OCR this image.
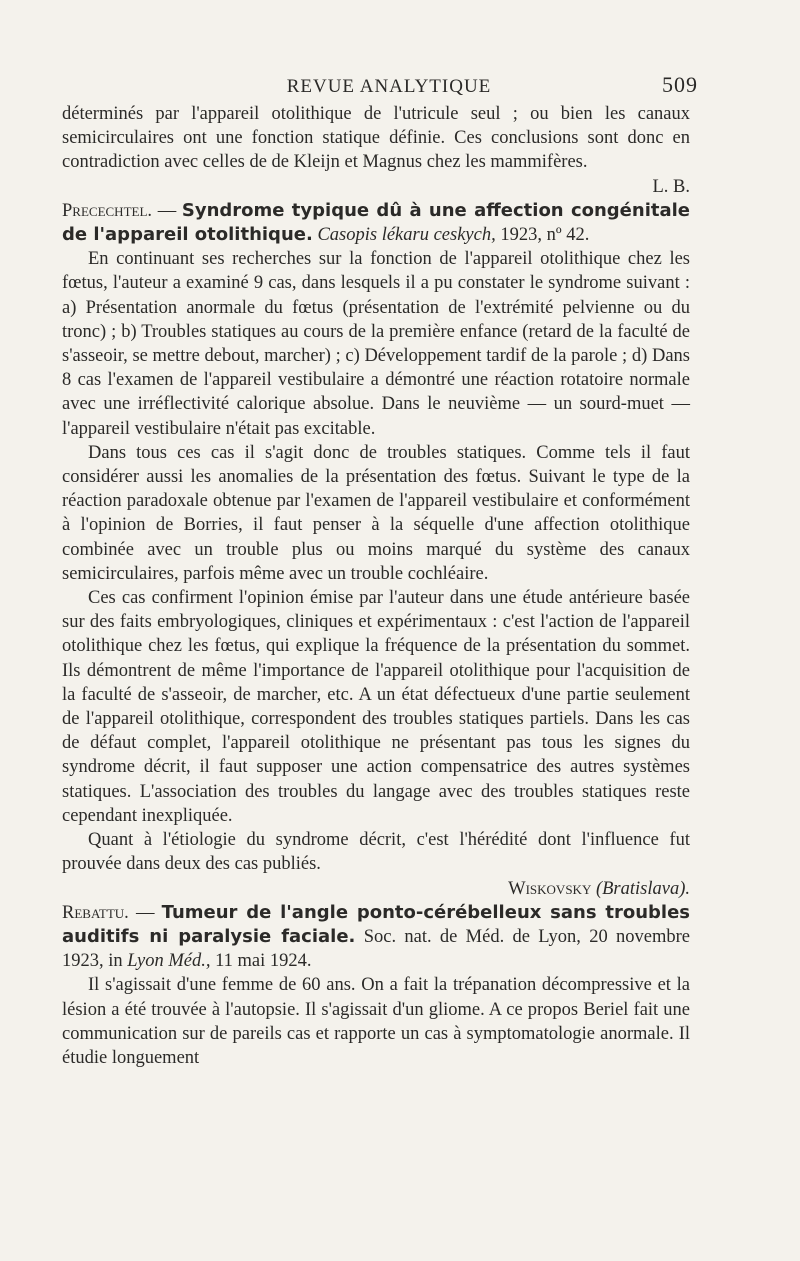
REVUE ANALYTIQUE	509

déterminés par l'appareil otolithique de l'utricule seul ; ou bien les canaux semicirculaires ont une fonction statique définie. Ces conclusions sont donc en contradiction avec celles de de Kleijn et Magnus chez les mammifères.

L. B.

Precechtel. — Syndrome typique dû à une affection congénitale de l'appareil otolithique. Casopis lékaru ceskych, 1923, nº 42.

En continuant ses recherches sur la fonction de l'appareil otolithique chez les fœtus, l'auteur a examiné 9 cas, dans lesquels il a pu constater le syndrome suivant : a) Présentation anormale du fœtus (présentation de l'extrémité pelvienne ou du tronc) ; b) Troubles statiques au cours de la première enfance (retard de la faculté de s'asseoir, se mettre debout, marcher) ; c) Développement tardif de la parole ; d) Dans 8 cas l'examen de l'appareil vestibulaire a démontré une réaction rotatoire normale avec une irréflectivité calorique absolue. Dans le neuvième — un sourd-muet — l'appareil vestibulaire n'était pas excitable.

Dans tous ces cas il s'agit donc de troubles statiques. Comme tels il faut considérer aussi les anomalies de la présentation des fœtus. Suivant le type de la réaction paradoxale obtenue par l'examen de l'appareil vestibulaire et conformément à l'opinion de Borries, il faut penser à la séquelle d'une affection otolithique combinée avec un trouble plus ou moins marqué du système des canaux semicirculaires, parfois même avec un trouble cochléaire.

Ces cas confirment l'opinion émise par l'auteur dans une étude antérieure basée sur des faits embryologiques, cliniques et expérimentaux : c'est l'action de l'appareil otolithique chez les fœtus, qui explique la fréquence de la présentation du sommet. Ils démontrent de même l'importance de l'appareil otolithique pour l'acquisition de la faculté de s'asseoir, de marcher, etc. A un état défectueux d'une partie seulement de l'appareil otolithique, correspondent des troubles statiques partiels. Dans les cas de défaut complet, l'appareil otolithique ne présentant pas tous les signes du syndrome décrit, il faut supposer une action compensatrice des autres systèmes statiques. L'association des troubles du langage avec des troubles statiques reste cependant inexpliquée.

Quant à l'étiologie du syndrome décrit, c'est l'hérédité dont l'influence fut prouvée dans deux des cas publiés.

Wiskovsky (Bratislava).

Rebattu. — Tumeur de l'angle ponto-cérébelleux sans troubles auditifs ni paralysie faciale. Soc. nat. de Méd. de Lyon, 20 novembre 1923, in Lyon Méd., 11 mai 1924.

Il s'agissait d'une femme de 60 ans. On a fait la trépanation décompressive et la lésion a été trouvée à l'autopsie. Il s'agissait d'un gliome. A ce propos Beriel fait une communication sur de pareils cas et rapporte un cas à symptomatologie anormale. Il étudie longuement
